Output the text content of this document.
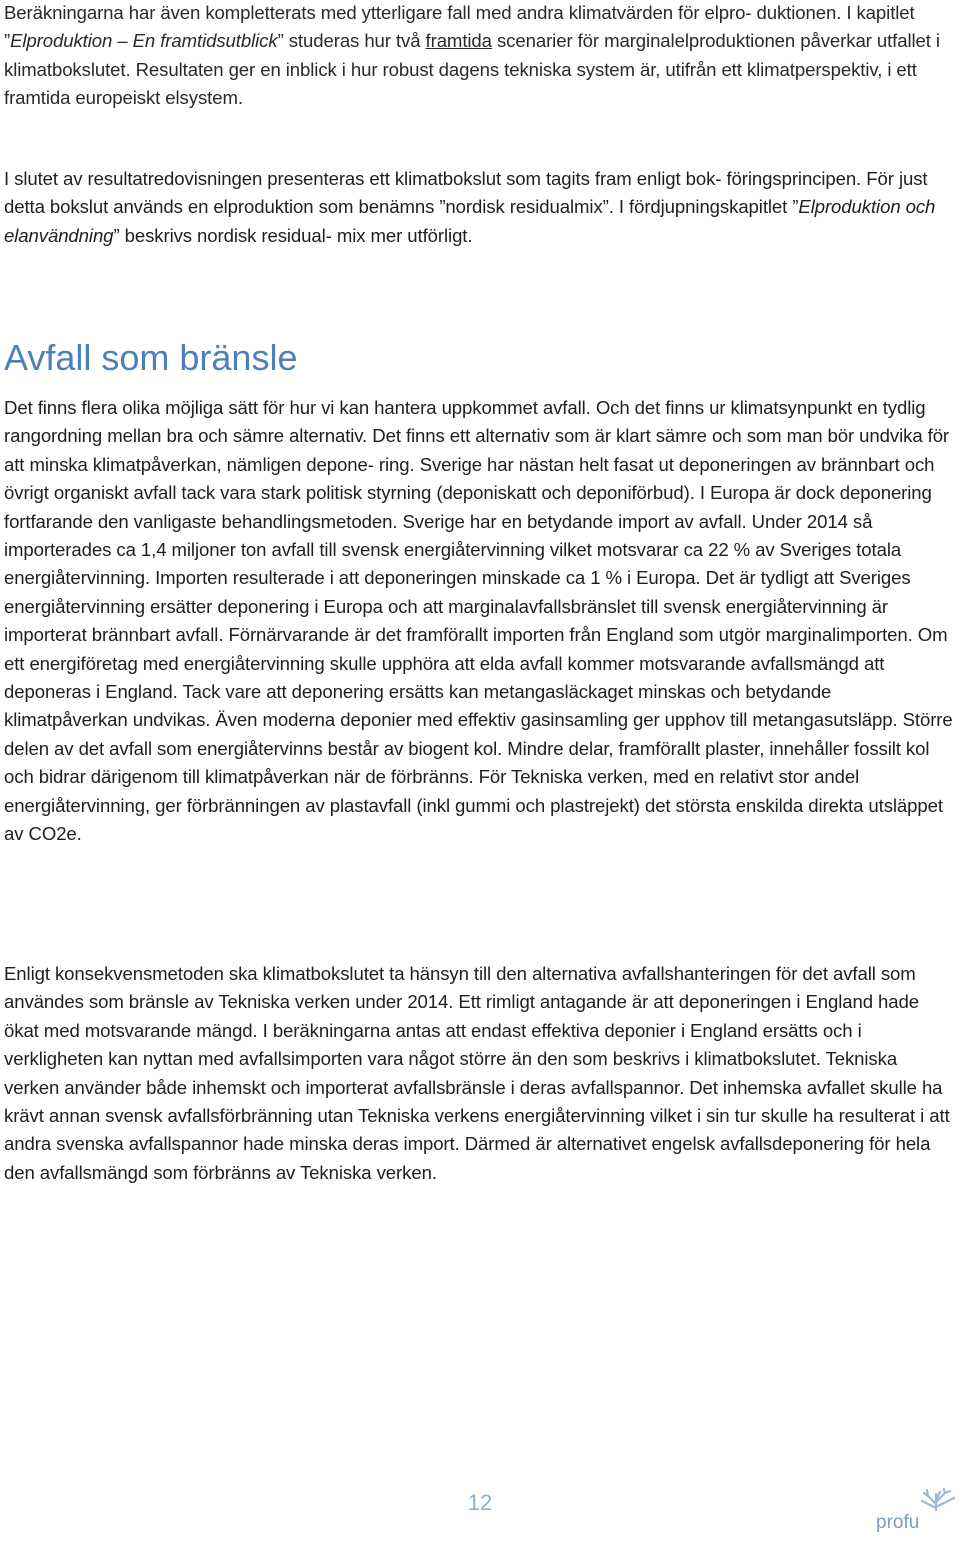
Beräkningarna har även kompletterats med ytterligare fall med andra klimatvärden för elpro- duktionen. I kapitlet ”Elproduktion – En framtidsutblick” studeras hur två framtida scenarier för marginalelproduktionen påverkar utfallet i klimatbokslutet. Resultaten ger en inblick i hur robust dagens tekniska system är, utifrån ett klimatperspektiv, i ett framtida europeiskt elsystem.
I slutet av resultatredovisningen presenteras ett klimatbokslut som tagits fram enligt bok- föringsprincipen. För just detta bokslut används en elproduktion som benämns ”nordisk residualmix”. I fördjupningskapitlet ”Elproduktion och elanvändning” beskrivs nordisk residual- mix mer utförligt.
Avfall som bränsle
Det finns flera olika möjliga sätt för hur vi kan hantera uppkommet avfall. Och det finns ur klimatsynpunkt en tydlig rangordning mellan bra och sämre alternativ. Det finns ett alternativ som är klart sämre och som man bör undvika för att minska klimatpåverkan, nämligen depone- ring. Sverige har nästan helt fasat ut deponeringen av brännbart och övrigt organiskt avfall tack vara stark politisk styrning (deponiskatt och deponiförbud). I Europa är dock deponering fortfarande den vanligaste behandlingsmetoden. Sverige har en betydande import av avfall. Under 2014 så importerades ca 1,4 miljoner ton avfall till svensk energiåtervinning vilket motsvarar ca 22 % av Sveriges totala energiåtervinning. Importen resulterade i att deponeringen minskade ca 1 % i Europa. Det är tydligt att Sveriges energiåtervinning ersätter deponering i Europa och att marginalavfallsbränslet till svensk energiåtervinning är importerat brännbart avfall. Förnärvarande är det framförallt importen från England som utgör marginalimporten. Om ett energiföretag med energiåtervinning skulle upphöra att elda avfall kommer motsvarande avfallsmängd att deponeras i England. Tack vare att deponering ersätts kan metangasläckaget minskas och betydande klimatpåverkan undvikas. Även moderna deponier med effektiv gasinsamling ger upphov till metangasutsläpp. Större delen av det avfall som energiåtervinns består av biogent kol. Mindre delar, framförallt plaster, innehåller fossilt kol och bidrar därigenom till klimatpåverkan när de förbränns. För Tekniska verken, med en relativt stor andel energiåtervinning, ger förbränningen av plastavfall (inkl gummi och plastrejekt) det största enskilda direkta utsläppet av CO2e.
Enligt konsekvensmetoden ska klimatbokslutet ta hänsyn till den alternativa avfallshanteringen för det avfall som användes som bränsle av Tekniska verken under 2014. Ett rimligt antagande är att deponeringen i England hade ökat med motsvarande mängd. I beräkningarna antas att endast effektiva deponier i England ersätts och i verkligheten kan nyttan med avfallsimporten vara något större än den som beskrivs i klimatbokslutet. Tekniska verken använder både inhemskt och importerat avfallsbränsle i deras avfallspannor. Det inhemska avfallet skulle ha krävt annan svensk avfallsförbränning utan Tekniska verkens energiåtervinning vilket i sin tur skulle ha resulterat i att andra svenska avfallspannor hade minska deras import. Därmed är alternativet engelsk avfallsdeponering för hela den avfallsmängd som förbränns av Tekniska verken.
12
profu
